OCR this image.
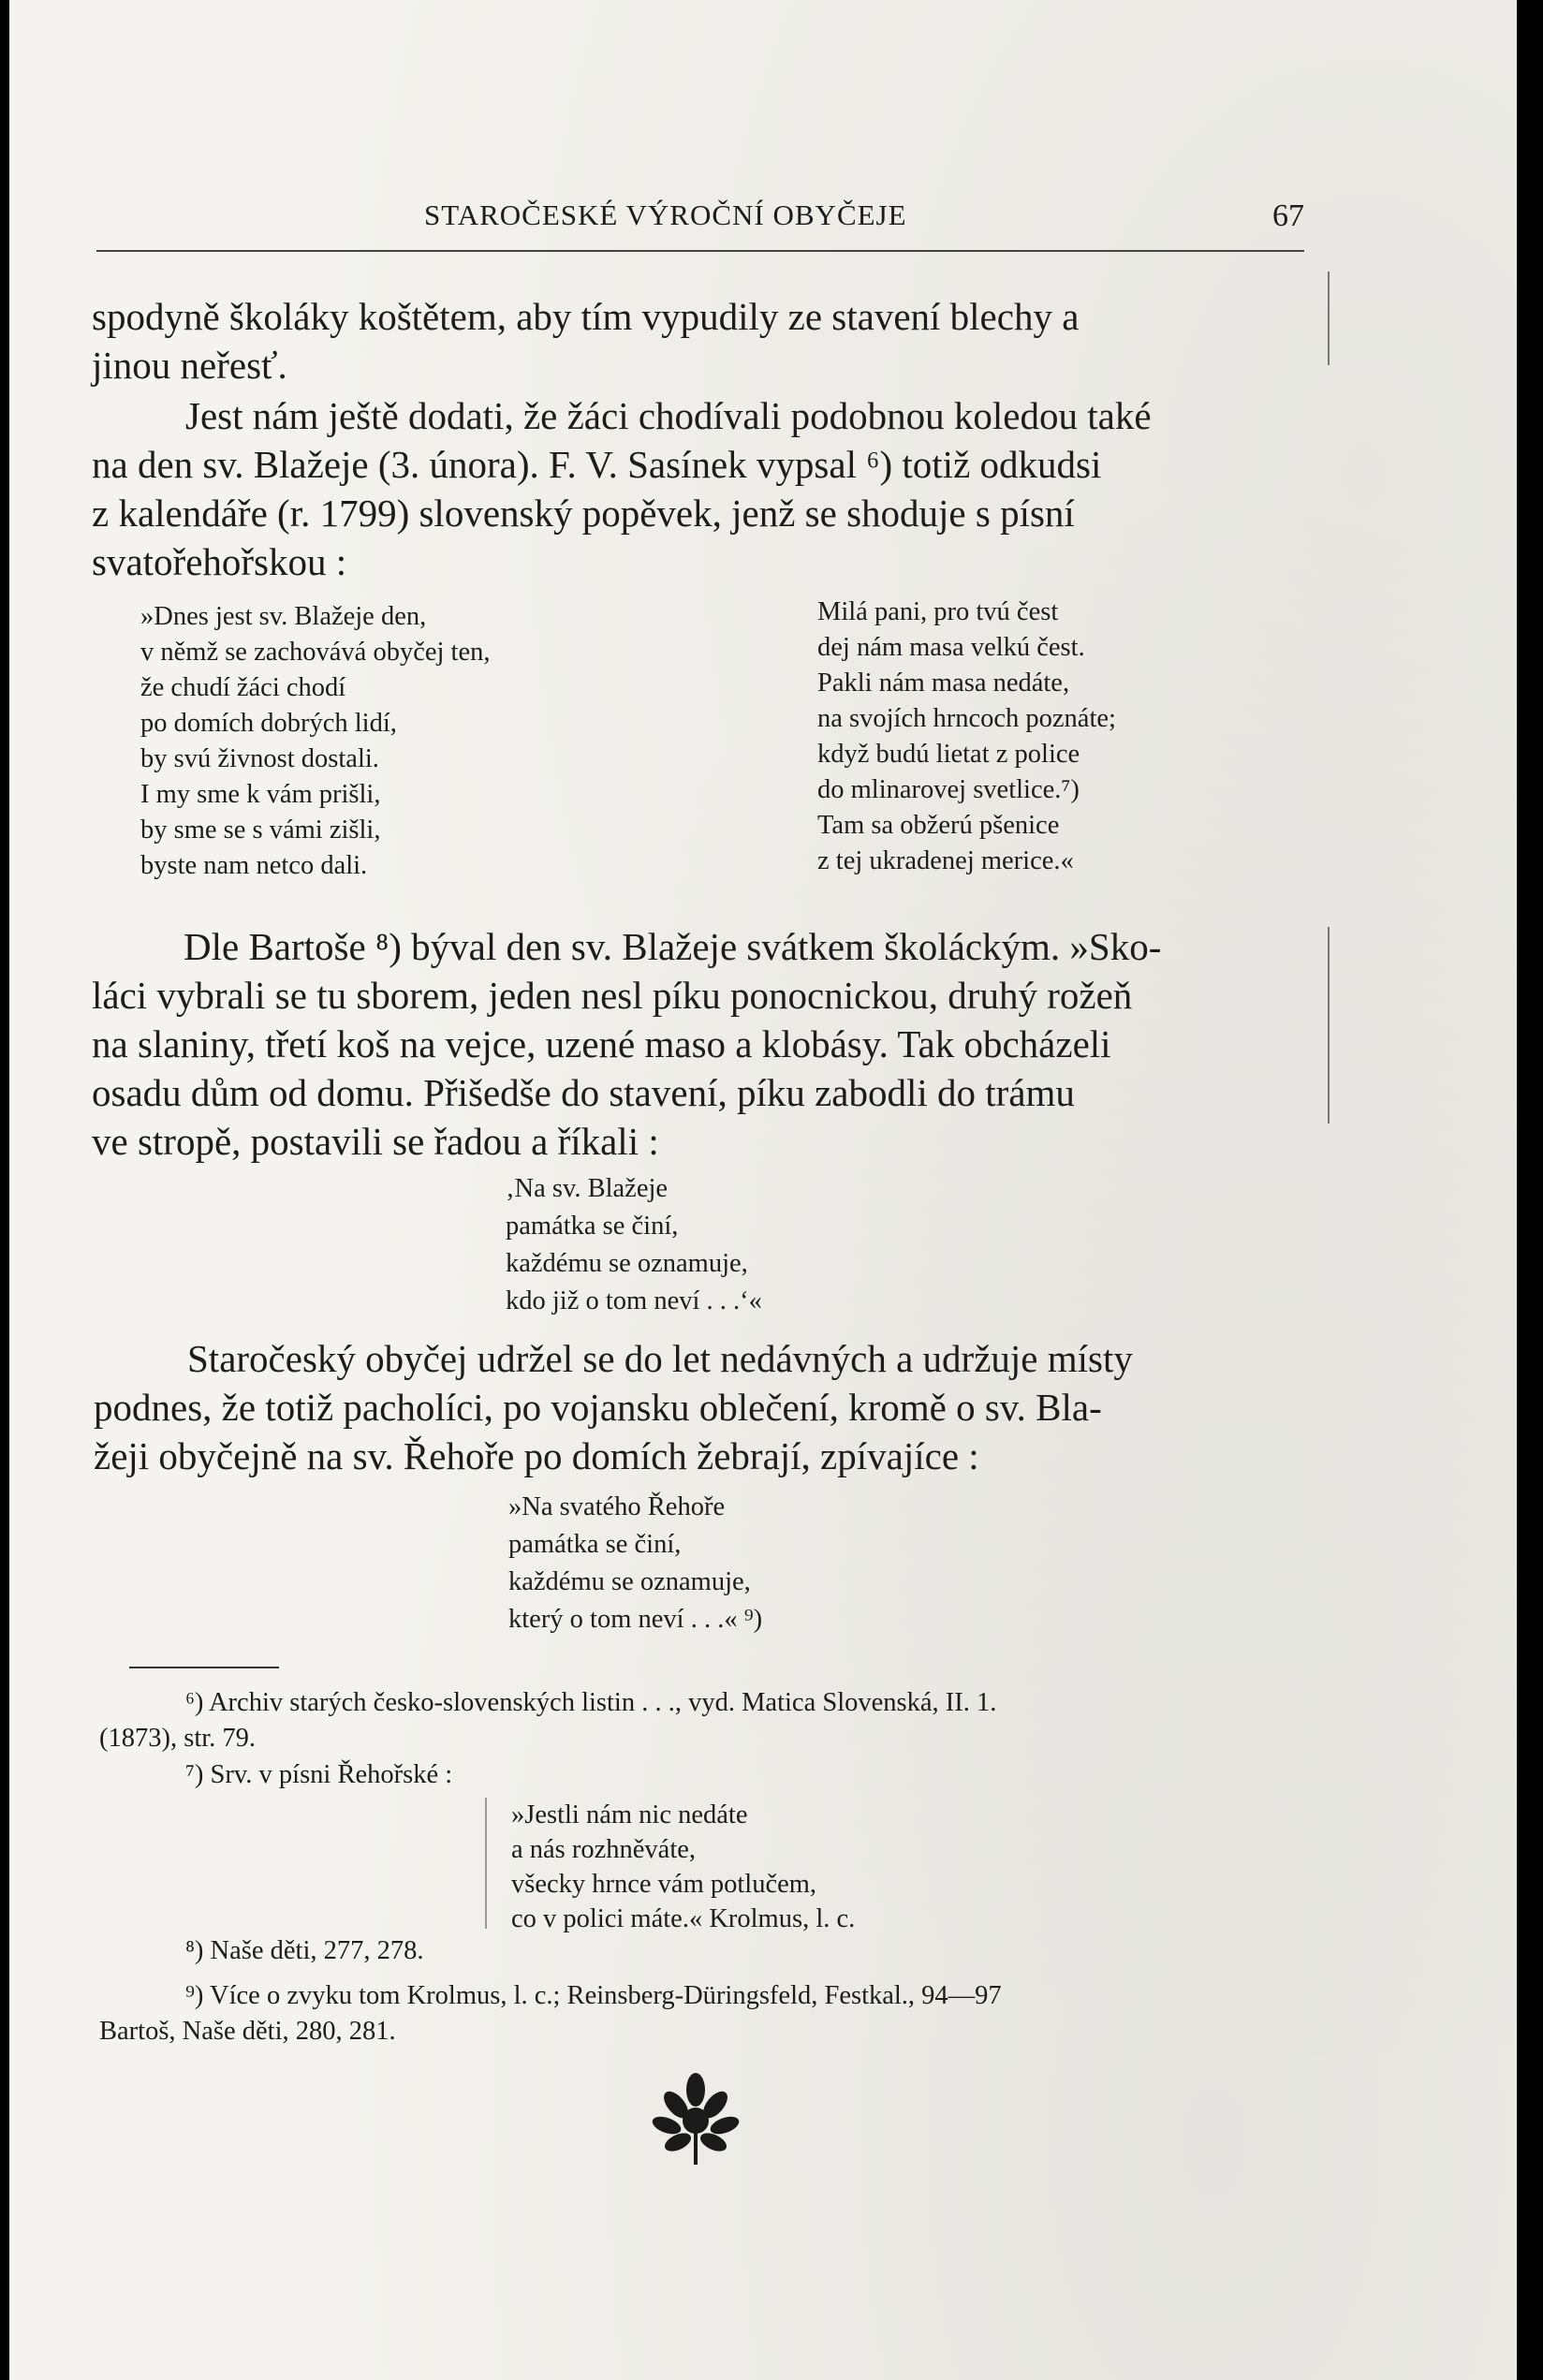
STAROČESKÉ VÝROČNÍ OBYČEJE	67
spodyně školáky koštětem, aby tím vypudily ze stavení blechy a
jinou neřesť.
Jest nám ještě dodati, že žáci chodívali podobnou koledou také
na den sv. Blažeje (3. února). F. V. Sasínek vypsal ⁶) totiž odkudsi
z kalendáře (r. 1799) slovenský popěvek, jenž se shoduje s písní
svatořehořskou :
»Dnes jest sv. Blažeje den,
v němž se zachovává obyčej ten,
že chudí žáci chodí
po domích dobrých lidí,
by svú živnost dostali.
I my sme k vám prišli,
by sme se s vámi zišli,
byste nam netco dali.
Milá pani, pro tvú čest
dej nám masa velkú čest.
Pakli nám masa nedáte,
na svojích hrncoch poznáte;
když budú lietat z police
do mlinarovej svetlice.⁷)
Tam sa obžerú pšenice
z tej ukradenej merice.«
Dle Bartoše ⁸) býval den sv. Blažeje svátkem školáckým. »Sko-
láci vybrali se tu sborem, jeden nesl píku ponocnickou, druhý rožeň
na slaniny, třetí koš na vejce, uzené maso a klobásy. Tak obcházeli
osadu dům od domu. Přišedše do stavení, píku zabodli do trámu
ve stropě, postavili se řadou a říkali :
‚Na sv. Blažeje
památka se činí,
každému se oznamuje,
kdo již o tom neví . . .‘«
Staročeský obyčej udržel se do let nedávných a udržuje místy
podnes, že totiž pacholíci, po vojansku oblečení, kromě o sv. Bla-
žeji obyčejně na sv. Řehoře po domích žebrají, zpívajíce :
»Na svatého Řehoře
památka se činí,
každému se oznamuje,
který o tom neví . . .« ⁹)
⁶) Archiv starých česko-slovenských listin . . ., vyd. Matica Slovenská, II. 1.
(1873), str. 79.
⁷) Srv. v písni Řehořské :
»Jestli nám nic nedáte
a nás rozhněváte,
všecky hrnce vám potlučem,
co v polici máte.« Krolmus, l. c.
⁸) Naše děti, 277, 278.
⁹) Více o zvyku tom Krolmus, l. c.; Reinsberg-Düringsfeld, Festkal., 94—97
Bartoš, Naše děti, 280, 281.
